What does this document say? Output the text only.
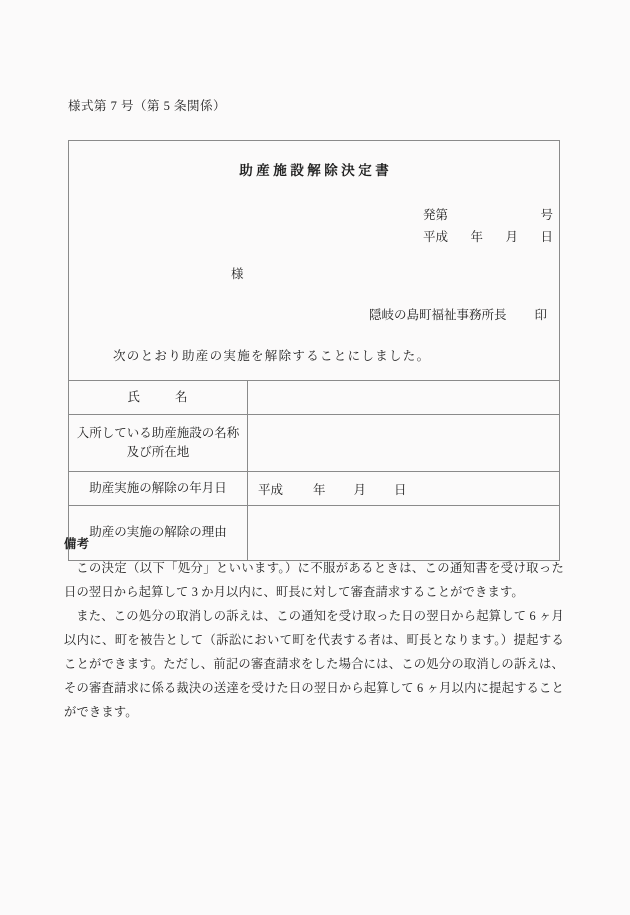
様式第 7 号（第 5 条関係）
助産施設解除決定書
発第	号
平成 年 月 日
様
隠岐の島町福祉事務所長 印
次のとおり助産の実施を解除することにしました。
氏 名	

入所している助産施設の名称
及び所在地	

助産実施の解除の年月日	平成 年 月 日
助産の実施の解除の理由	
備考

この決定（以下「処分」といいます。）に不服があるときは、この通知書を受け取った日の翌日から起算して 3 か月以内に、町長に対して審査請求することができます。

また、この処分の取消しの訴えは、この通知を受け取った日の翌日から起算して 6 ヶ月以内に、町を被告として（訴訟において町を代表する者は、町長となります。）提起することができます。ただし、前記の審査請求をした場合には、この処分の取消しの訴えは、その審査請求に係る裁決の送達を受けた日の翌日から起算して 6 ヶ月以内に提起することができます。
